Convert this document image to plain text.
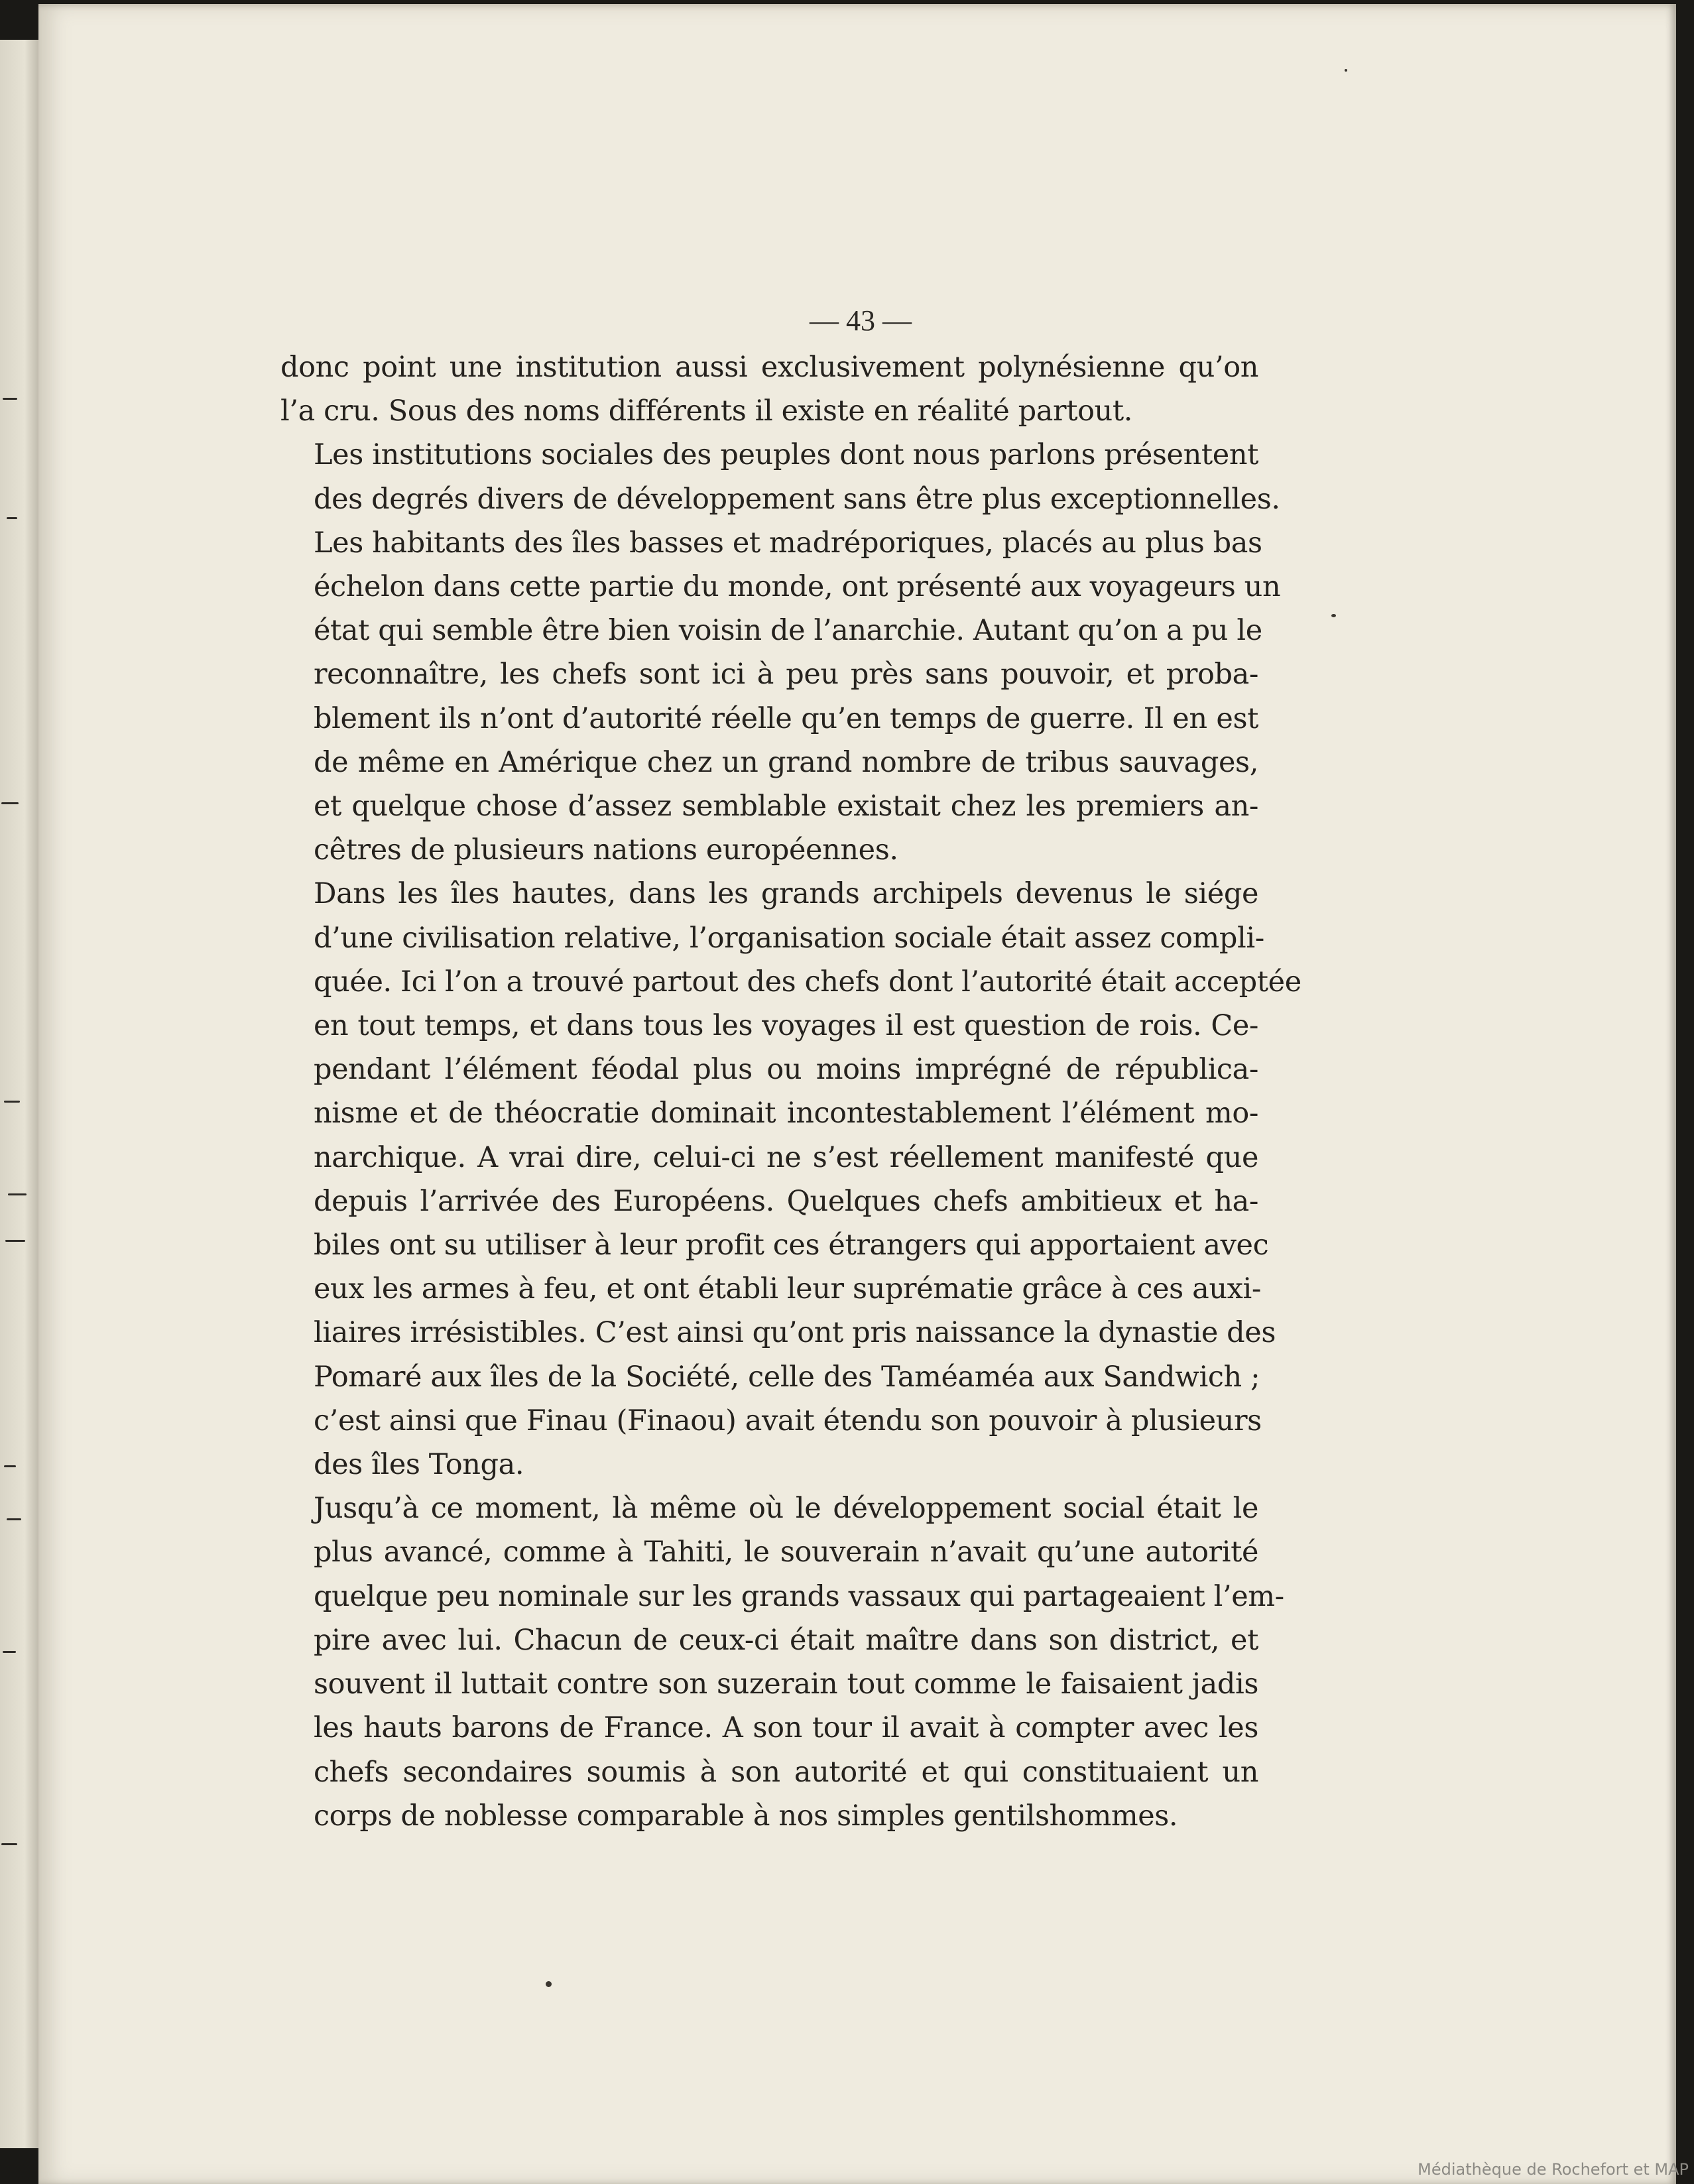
— 43 —

donc point une institution aussi exclusivement polynésienne qu’on
l’a cru. Sous des noms différents il existe en réalité partout.

Les institutions sociales des peuples dont nous parlons présentent
des degrés divers de développement sans être plus exceptionnelles.

Les habitants des îles basses et madréporiques, placés au plus bas
échelon dans cette partie du monde, ont présenté aux voyageurs un
état qui semble être bien voisin de l’anarchie. Autant qu’on a pu le
reconnaître, les chefs sont ici à peu près sans pouvoir, et proba-
blement ils n’ont d’autorité réelle qu’en temps de guerre. Il en est
de même en Amérique chez un grand nombre de tribus sauvages,
et quelque chose d’assez semblable existait chez les premiers an-
cêtres de plusieurs nations européennes.

Dans les îles hautes, dans les grands archipels devenus le siége
d’une civilisation relative, l’organisation sociale était assez compli-
quée. Ici l’on a trouvé partout des chefs dont l’autorité était acceptée
en tout temps, et dans tous les voyages il est question de rois. Ce-
pendant l’élément féodal plus ou moins imprégné de républica-
nisme et de théocratie dominait incontestablement l’élément mo-
narchique. A vrai dire, celui-ci ne s’est réellement manifesté que
depuis l’arrivée des Européens. Quelques chefs ambitieux et ha-
biles ont su utiliser à leur profit ces étrangers qui apportaient avec
eux les armes à feu, et ont établi leur suprématie grâce à ces auxi-
liaires irrésistibles. C’est ainsi qu’ont pris naissance la dynastie des
Pomaré aux îles de la Société, celle des Taméaméa aux Sandwich ;
c’est ainsi que Finau (Finaou) avait étendu son pouvoir à plusieurs
des îles Tonga.

Jusqu’à ce moment, là même où le développement social était le
plus avancé, comme à Tahiti, le souverain n’avait qu’une autorité
quelque peu nominale sur les grands vassaux qui partageaient l’em-
pire avec lui. Chacun de ceux-ci était maître dans son district, et
souvent il luttait contre son suzerain tout comme le faisaient jadis
les hauts barons de France. A son tour il avait à compter avec les
chefs secondaires soumis à son autorité et qui constituaient un
corps de noblesse comparable à nos simples gentilshommes.

Médiathèque de Rochefort et MAP
